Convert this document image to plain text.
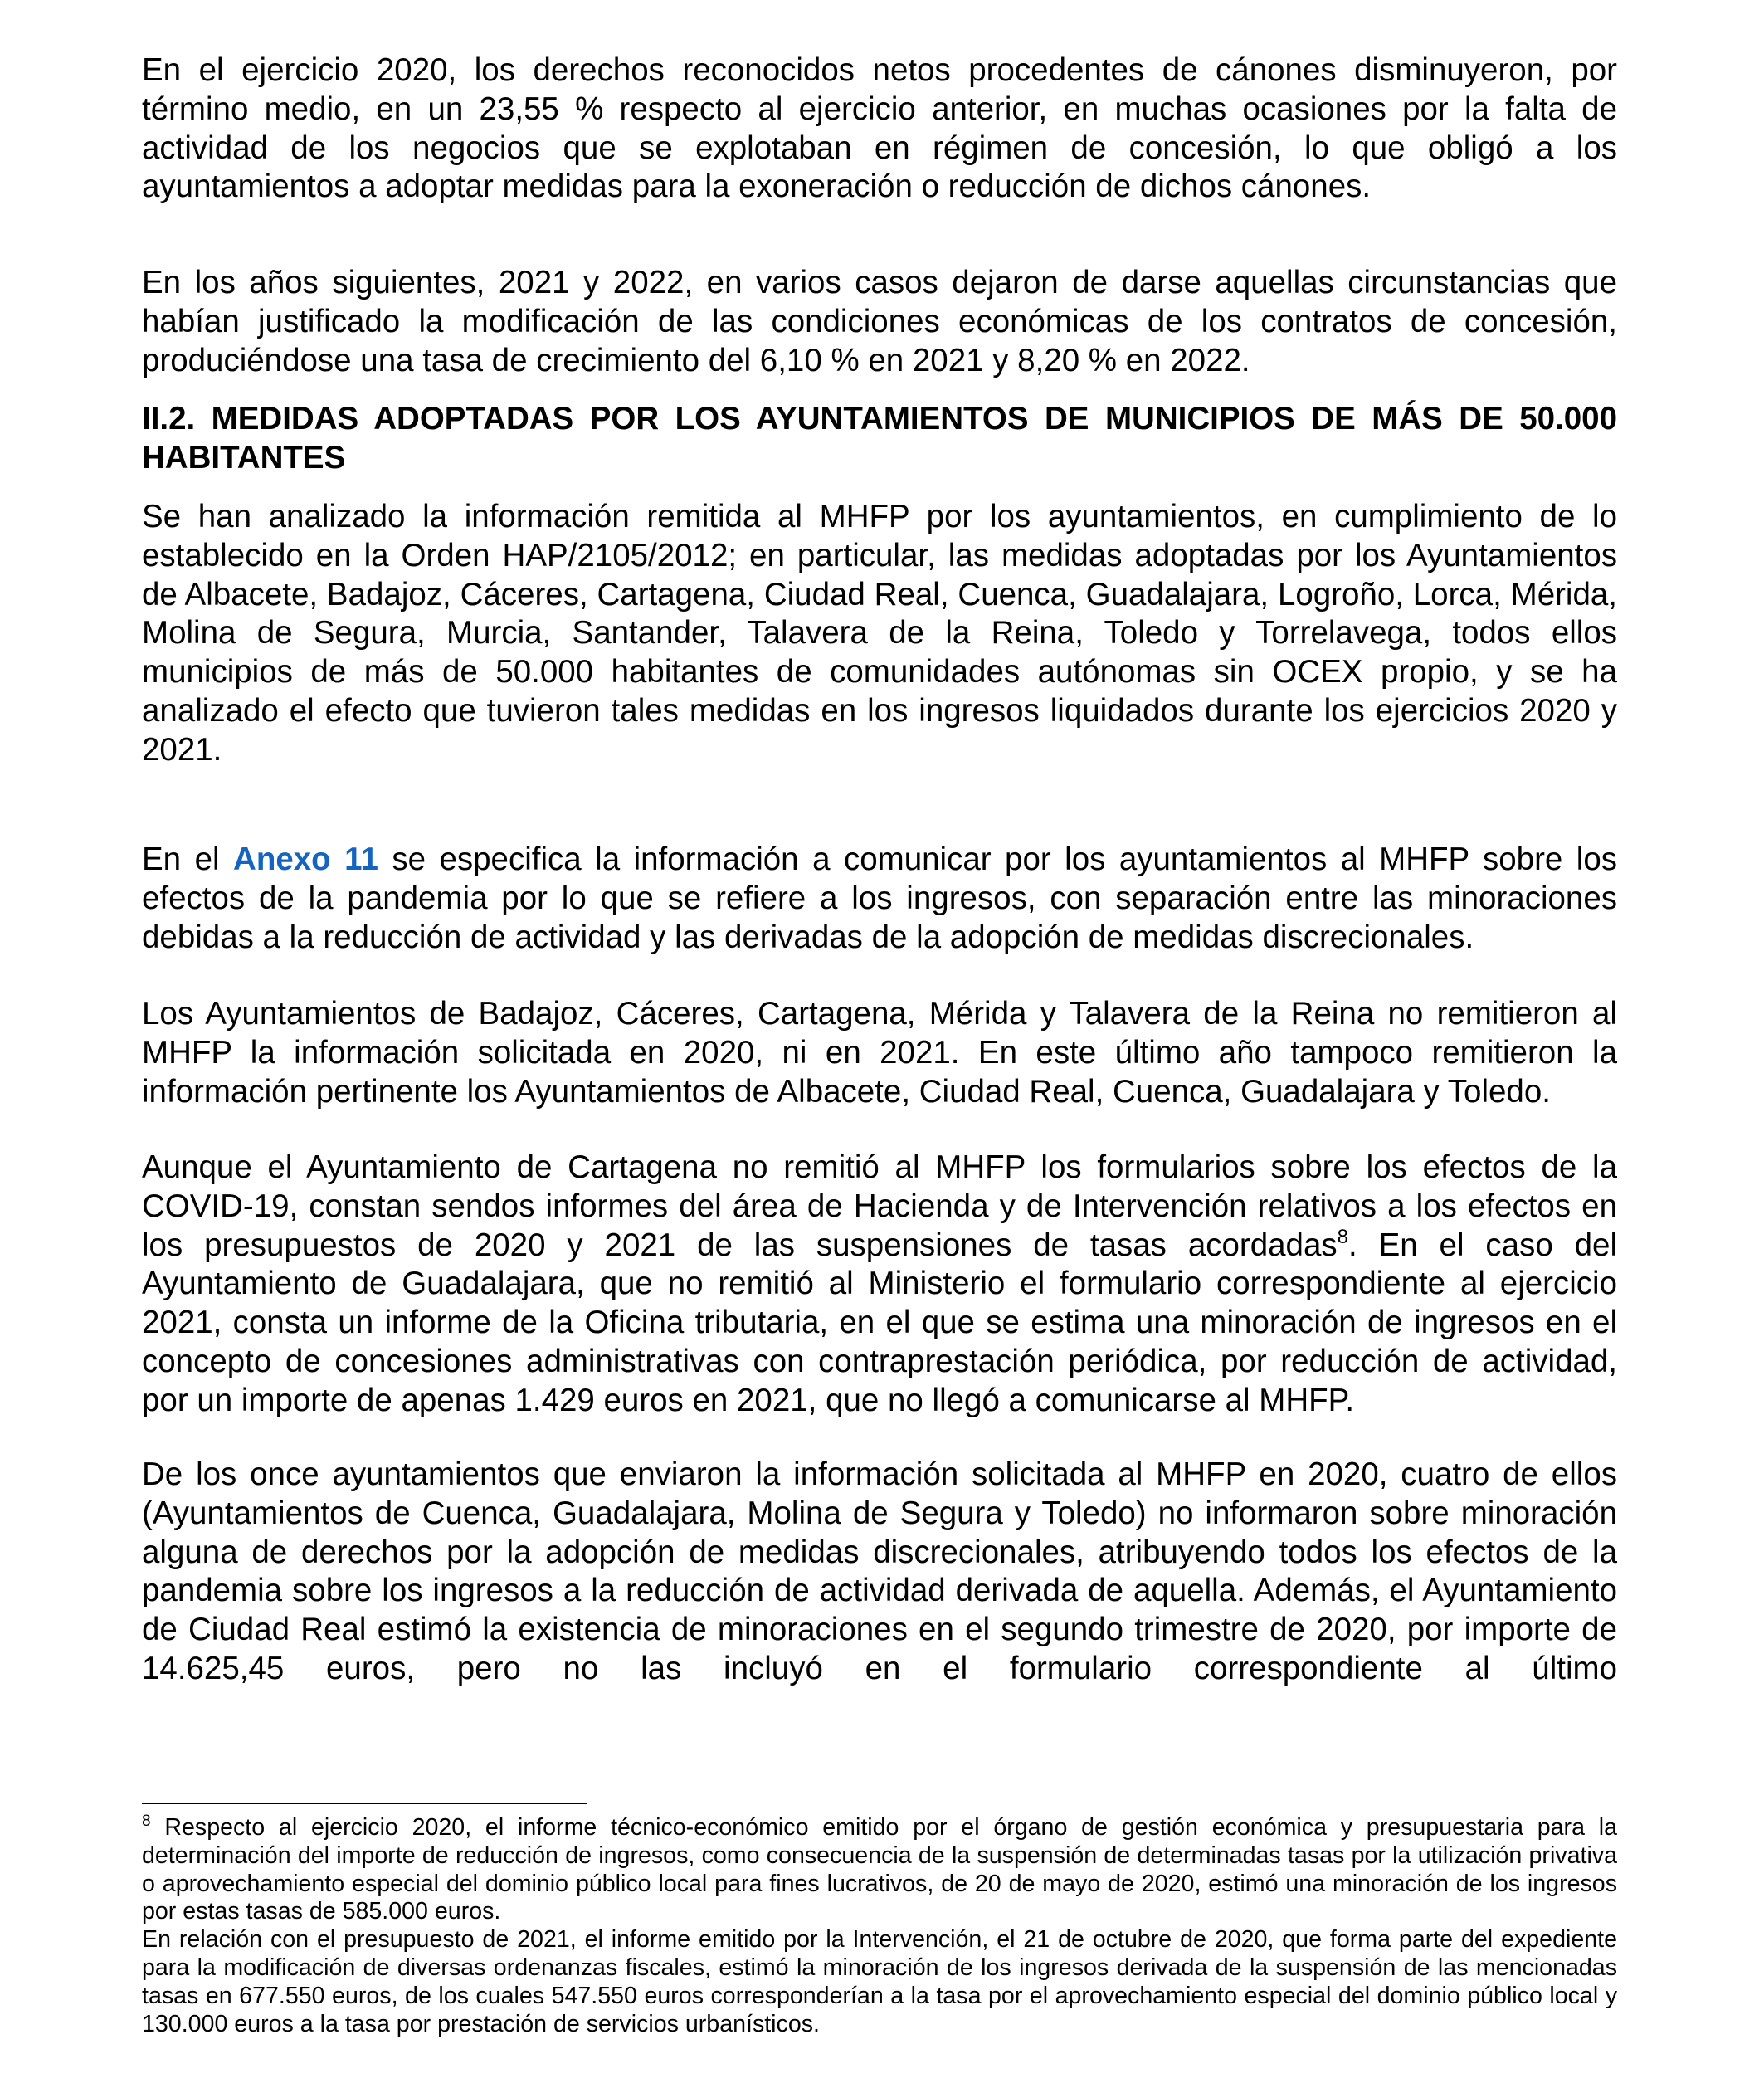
En el ejercicio 2020, los derechos reconocidos netos procedentes de cánones disminuyeron, por término medio, en un 23,55 % respecto al ejercicio anterior, en muchas ocasiones por la falta de actividad de los negocios que se explotaban en régimen de concesión, lo que obligó a los ayuntamientos a adoptar medidas para la exoneración o reducción de dichos cánones.

En los años siguientes, 2021 y 2022, en varios casos dejaron de darse aquellas circunstancias que habían justificado la modificación de las condiciones económicas de los contratos de concesión, produciéndose una tasa de crecimiento del 6,10 % en 2021 y 8,20 % en 2022.

II.2. MEDIDAS ADOPTADAS POR LOS AYUNTAMIENTOS DE MUNICIPIOS DE MÁS DE 50.000 HABITANTES

Se han analizado la información remitida al MHFP por los ayuntamientos, en cumplimiento de lo establecido en la Orden HAP/2105/2012; en particular, las medidas adoptadas por los Ayuntamientos de Albacete, Badajoz, Cáceres, Cartagena, Ciudad Real, Cuenca, Guadalajara, Logroño, Lorca, Mérida, Molina de Segura, Murcia, Santander, Talavera de la Reina, Toledo y Torrelavega, todos ellos municipios de más de 50.000 habitantes de comunidades autónomas sin OCEX propio, y se ha analizado el efecto que tuvieron tales medidas en los ingresos liquidados durante los ejercicios 2020 y 2021.

En el Anexo 11 se especifica la información a comunicar por los ayuntamientos al MHFP sobre los efectos de la pandemia por lo que se refiere a los ingresos, con separación entre las minoraciones debidas a la reducción de actividad y las derivadas de la adopción de medidas discrecionales.

Los Ayuntamientos de Badajoz, Cáceres, Cartagena, Mérida y Talavera de la Reina no remitieron al MHFP la información solicitada en 2020, ni en 2021. En este último año tampoco remitieron la información pertinente los Ayuntamientos de Albacete, Ciudad Real, Cuenca, Guadalajara y Toledo.

Aunque el Ayuntamiento de Cartagena no remitió al MHFP los formularios sobre los efectos de la COVID-19, constan sendos informes del área de Hacienda y de Intervención relativos a los efectos en los presupuestos de 2020 y 2021 de las suspensiones de tasas acordadas$^8$. En el caso del Ayuntamiento de Guadalajara, que no remitió al Ministerio el formulario correspondiente al ejercicio 2021, consta un informe de la Oficina tributaria, en el que se estima una minoración de ingresos en el concepto de concesiones administrativas con contraprestación periódica, por reducción de actividad, por un importe de apenas 1.429 euros en 2021, que no llegó a comunicarse al MHFP.

De los once ayuntamientos que enviaron la información solicitada al MHFP en 2020, cuatro de ellos (Ayuntamientos de Cuenca, Guadalajara, Molina de Segura y Toledo) no informaron sobre minoración alguna de derechos por la adopción de medidas discrecionales, atribuyendo todos los efectos de la pandemia sobre los ingresos a la reducción de actividad derivada de aquella. Además, el Ayuntamiento de Ciudad Real estimó la existencia de minoraciones en el segundo trimestre de 2020, por importe de 14.625,45 euros, pero no las incluyó en el formulario correspondiente al último

$^8$ Respecto al ejercicio 2020, el informe técnico-económico emitido por el órgano de gestión económica y presupuestaria para la determinación del importe de reducción de ingresos, como consecuencia de la suspensión de determinadas tasas por la utilización privativa o aprovechamiento especial del dominio público local para fines lucrativos, de 20 de mayo de 2020, estimó una minoración de los ingresos por estas tasas de 585.000 euros.

En relación con el presupuesto de 2021, el informe emitido por la Intervención, el 21 de octubre de 2020, que forma parte del expediente para la modificación de diversas ordenanzas fiscales, estimó la minoración de los ingresos derivada de la suspensión de las mencionadas tasas en 677.550 euros, de los cuales 547.550 euros corresponderían a la tasa por el aprovechamiento especial del dominio público local y 130.000 euros a la tasa por prestación de servicios urbanísticos.
